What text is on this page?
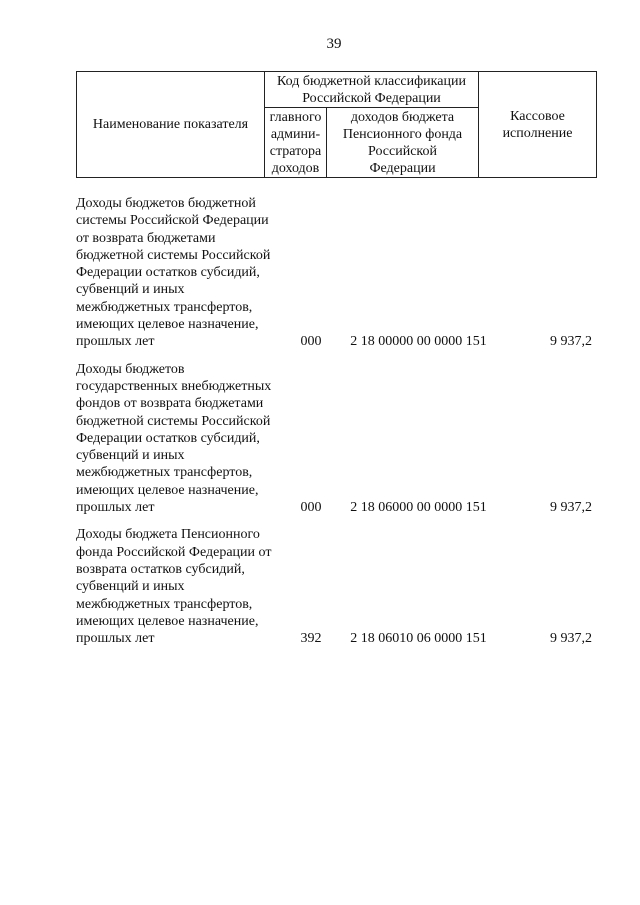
39
Наименование показателя	Код бюджетной классификации Российской Федерации		Кассовое исполнение
	главного админи-стратора доходов	доходов бюджета Пенсионного фонда Российской Федерации	
Доходы бюджетов бюджетной системы Российской Федерации от возврата бюджетами бюджетной системы Российской Федерации остатков субсидий, субвенций и иных межбюджетных трансфертов, имеющих целевое назначение, прошлых лет	000	2 18 00000 00 0000 151	9 937,2
Доходы бюджетов государственных внебюджетных фондов от возврата бюджетами бюджетной системы Российской Федерации остатков субсидий, субвенций и иных межбюджетных трансфертов, имеющих целевое назначение, прошлых лет	000	2 18 06000 00 0000 151	9 937,2
Доходы бюджета Пенсионного фонда Российской Федерации от возврата остатков субсидий, субвенций и иных межбюджетных трансфертов, имеющих целевое назначение, прошлых лет	392	2 18 06010 06 0000 151	9 937,2
